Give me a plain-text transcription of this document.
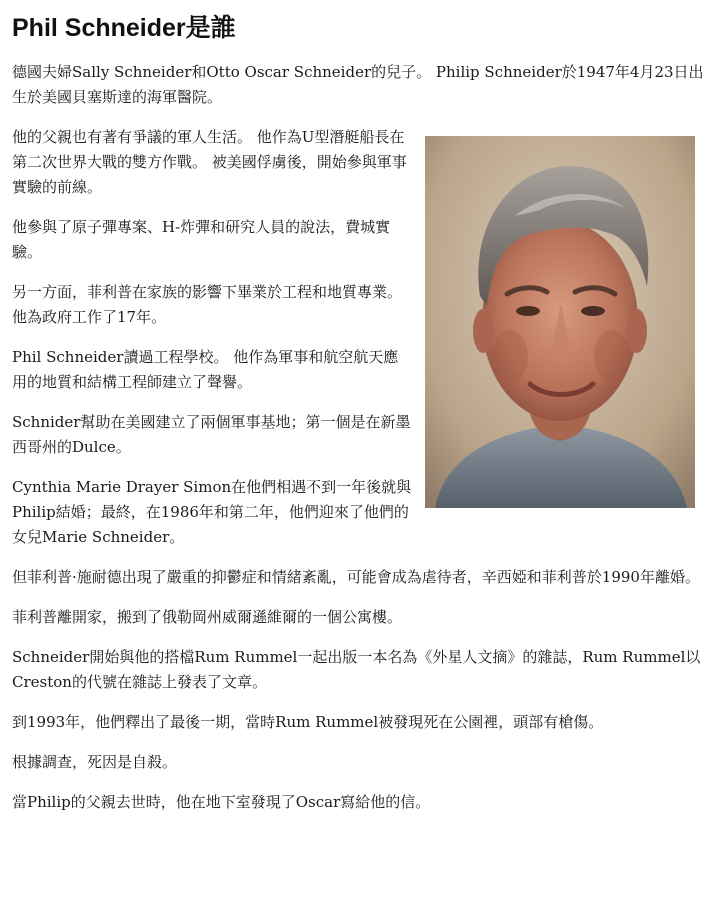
Phil Schneider是誰

德國夫婦Sally Schneider和Otto Oscar Schneider的兒子。 Philip Schneider於1947年4月23日出生於美國貝塞斯達的海軍醫院。

他的父親也有著有爭議的軍人生活。 他作為U型潛艇船長在第二次世界大戰的雙方作戰。 被美國俘虜後，開始參與軍事實驗的前線。

他參與了原子彈專案、H-炸彈和研究人員的說法，費城實驗。

另一方面，菲利普在家族的影響下畢業於工程和地質專業。 他為政府工作了17年。

Phil Schneider讀過工程學校。 他作為軍事和航空航天應用的地質和結構工程師建立了聲譽。

Schnider幫助在美國建立了兩個軍事基地；第一個是在新墨西哥州的Dulce。

Cynthia Marie Drayer Simon在他們相遇不到一年後就與Philip結婚；最終，在1986年和第二年，他們迎來了他們的女兒Marie Schneider。

但菲利普·施耐德出現了嚴重的抑鬱症和情緒紊亂，可能會成為虐待者，辛西婭和菲利普於1990年離婚。

菲利普離開家，搬到了俄勒岡州威爾遜維爾的一個公寓樓。

Schneider開始與他的搭檔Rum Rummel一起出版一本名為《外星人文摘》的雜誌，Rum Rummel以Creston的代號在雜誌上發表了文章。

到1993年，他們釋出了最後一期，當時Rum Rummel被發現死在公園裡，頭部有槍傷。

根據調查，死因是自殺。

當Philip的父親去世時，他在地下室發現了Oscar寫給他的信。
